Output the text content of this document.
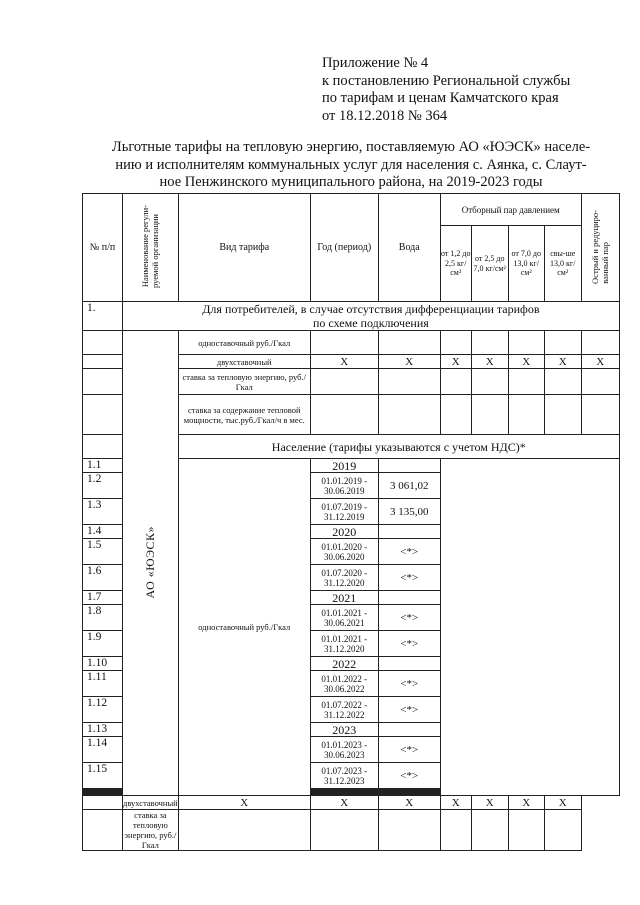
Приложение № 4
к постановлению Региональной службы
по тарифам и ценам Камчатского края
от 18.12.2018 № 364
Льготные тарифы на тепловую энергию, поставляемую АО «ЮЭСК» населе-
нию и исполнителям коммунальных услуг для населения с. Аянка, с. Слаут-
ное Пенжинского муниципального района, на 2019-2023 годы
№ п/п	Наименование регули-руемой организации	Вид тарифа	Год (период)	Вода	Отборный пар давлением				Острый и редуциро-ванный пар
					от 1,2 до 2,5 кг/см²	от 2,5 до 7,0 кг/см²	от 7,0 до 13,0 кг/см²	свы-ше 13,0 кг/см²	
1.	Для потребителей, в случае отсутствия дифференциации тарифов
по схеме подключения								

	АО «ЮЭСК»	одноставочный руб./Гкал							
		двухставочный	Х	Х	Х	Х	Х	Х	Х
		ставка за тепловую энергию, руб./Гкал							
		ставка за содержание тепловой мощности, тыс.руб./Гкал/ч в мес.							
		Население (тарифы указываются с учетом НДС)*							
1.1		одноставочный руб./Гкал	2019						
1.2			01.01.2019 - 30.06.2019	3 061,02					
1.3			01.07.2019 - 31.12.2019	3 135,00					
1.4			2020						
1.5			01.01.2020 - 30.06.2020	<*>					
1.6			01.07.2020 - 31.12.2020	<*>					
1.7			2021						
1.8			01.01.2021 - 30.06.2021	<*>					
1.9			01.01.2021 - 31.12.2020	<*>					
1.10			2022						
1.11			01.01.2022 - 30.06.2022	<*>					
1.12			01.07.2022 - 31.12.2022	<*>					
1.13			2023						
1.14			01.01.2023 - 30.06.2023	<*>					
1.15			01.07.2023 - 31.12.2023	<*>					

	двухставочный	Х	Х	Х	Х	Х	Х	Х	
	ставка за тепловую энергию, руб./Гкал								
